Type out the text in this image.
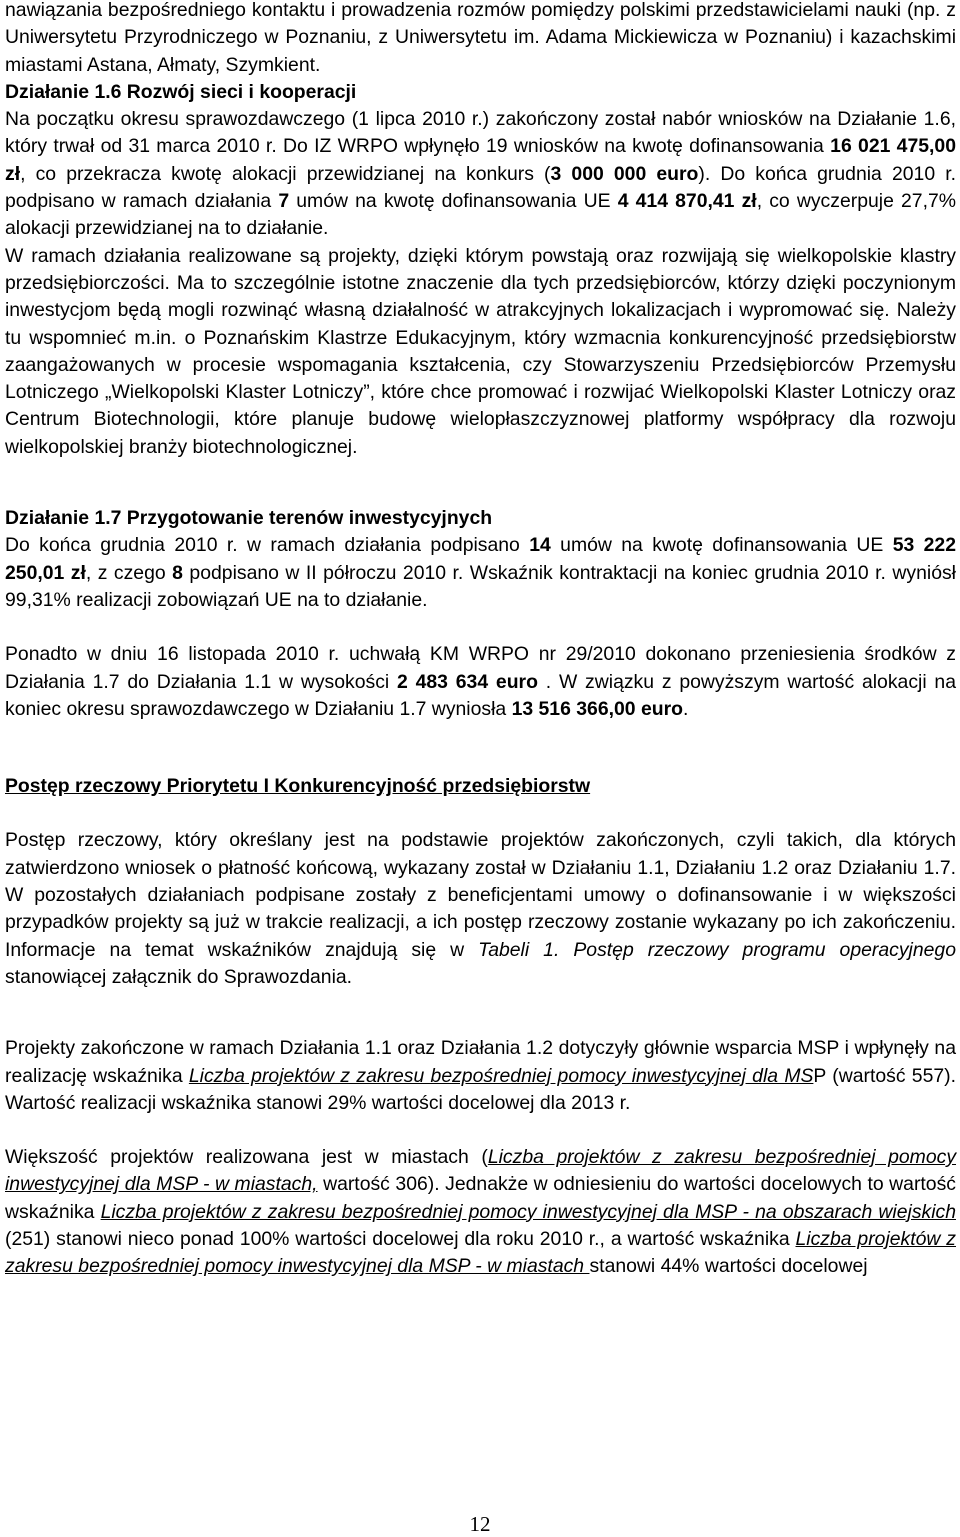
nawiązania bezpośredniego kontaktu i prowadzenia rozmów pomiędzy polskimi przedstawicielami nauki (np. z Uniwersytetu Przyrodniczego w Poznaniu, z Uniwersytetu im. Adama Mickiewicza w Poznaniu) i kazachskimi miastami Astana, Ałmaty, Szymkient.

Działanie 1.6 Rozwój sieci i kooperacji

Na początku okresu sprawozdawczego (1 lipca 2010 r.) zakończony został nabór wniosków na Działanie 1.6, który trwał od 31 marca 2010 r. Do IZ WRPO wpłynęło 19 wniosków na kwotę dofinansowania 16 021 475,00 zł, co przekracza kwotę alokacji przewidzianej na konkurs (3 000 000 euro). Do końca grudnia 2010 r. podpisano w ramach działania 7 umów na kwotę dofinansowania UE 4 414 870,41 zł, co wyczerpuje 27,7% alokacji przewidzianej na to działanie.

W ramach działania realizowane są projekty, dzięki którym powstają oraz rozwijają się wielkopolskie klastry przedsiębiorczości. Ma to szczególnie istotne znaczenie dla tych przedsiębiorców, którzy dzięki poczynionym inwestycjom będą mogli rozwinąć własną działalność w atrakcyjnych lokalizacjach i wypromować się. Należy tu wspomnieć m.in. o Poznańskim Klastrze Edukacyjnym, który wzmacnia konkurencyjność przedsiębiorstw zaangażowanych w procesie wspomagania kształcenia, czy Stowarzyszeniu Przedsiębiorców Przemysłu Lotniczego „Wielkopolski Klaster Lotniczy”, które chce promować i rozwijać Wielkopolski Klaster Lotniczy oraz Centrum Biotechnologii, które planuje budowę wielopłaszczyznowej platformy współpracy dla rozwoju wielkopolskiej branży biotechnologicznej.

Działanie 1.7 Przygotowanie terenów inwestycyjnych

Do końca grudnia 2010 r. w ramach działania podpisano 14 umów na kwotę dofinansowania UE 53 222 250,01 zł, z czego 8 podpisano w II półroczu 2010 r. Wskaźnik kontraktacji na koniec grudnia 2010 r. wyniósł 99,31% realizacji zobowiązań UE na to działanie.

Ponadto w dniu 16 listopada 2010 r. uchwałą KM WRPO nr 29/2010 dokonano przeniesienia środków z Działania 1.7 do Działania 1.1 w wysokości 2 483 634 euro . W związku z powyższym wartość alokacji na koniec okresu sprawozdawczego w Działaniu 1.7 wyniosła 13 516 366,00 euro.

Postęp rzeczowy Priorytetu I Konkurencyjność przedsiębiorstw

Postęp rzeczowy, który określany jest na podstawie projektów zakończonych, czyli takich, dla których zatwierdzono wniosek o płatność końcową, wykazany został w Działaniu 1.1, Działaniu 1.2 oraz Działaniu 1.7. W pozostałych działaniach podpisane zostały z beneficjentami umowy o dofinansowanie i w większości przypadków projekty są już w trakcie realizacji, a ich postęp rzeczowy zostanie wykazany po ich zakończeniu. Informacje na temat wskaźników znajdują się w Tabeli 1. Postęp rzeczowy programu operacyjnego stanowiącej załącznik do Sprawozdania.

Projekty zakończone w ramach Działania 1.1 oraz Działania 1.2 dotyczyły głównie wsparcia MSP i wpłynęły na realizację wskaźnika Liczba projektów z zakresu bezpośredniej pomocy inwestycyjnej dla MSP (wartość 557). Wartość realizacji wskaźnika stanowi 29% wartości docelowej dla 2013 r.

Większość projektów realizowana jest w miastach (Liczba projektów z zakresu bezpośredniej pomocy inwestycyjnej dla MSP - w miastach, wartość 306). Jednakże w odniesieniu do wartości docelowych to wartość wskaźnika Liczba projektów z zakresu bezpośredniej pomocy inwestycyjnej dla MSP - na obszarach wiejskich (251) stanowi nieco ponad 100% wartości docelowej dla roku 2010 r., a wartość wskaźnika Liczba projektów z zakresu bezpośredniej pomocy inwestycyjnej dla MSP - w miastach stanowi 44% wartości docelowej

12
